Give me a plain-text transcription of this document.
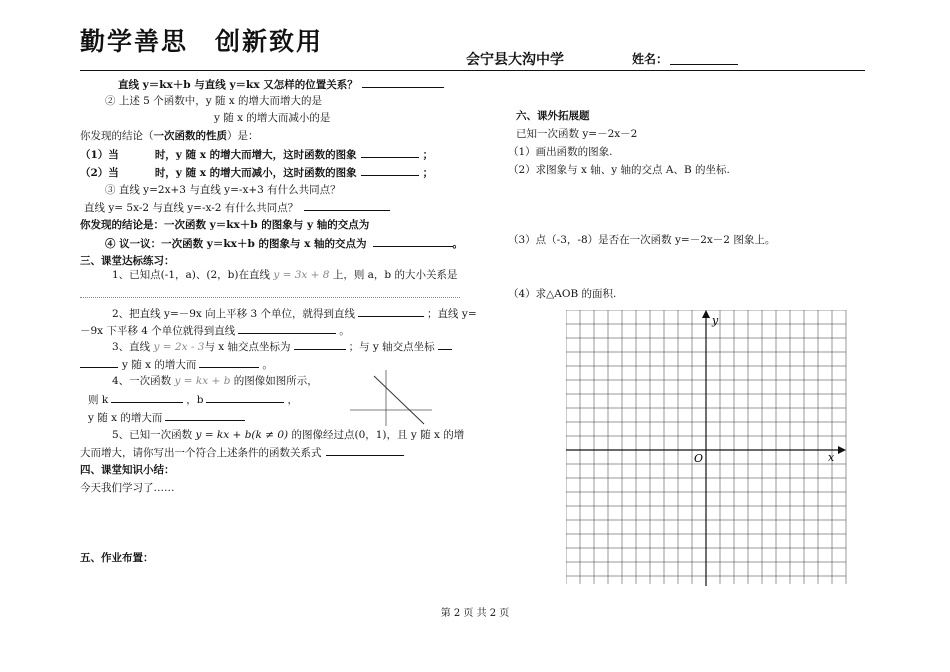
勤学善思　创新致用
会宁县大沟中学	姓名：
直线 y＝kx＋b 与直线 y＝kx 又怎样的位置关系？
② 上述 5 个函数中，y 随 x 的增大而增大的是
y 随 x 的增大而减小的是
你发现的结论（一次函数的性质）是：
（1）当	时，y 随 x 的增大而增大，这时函数的图象	；
（2）当	时，y 随 x 的增大而减小，这时函数的图象	；
③ 直线 y=2x+3 与直线 y=-x+3 有什么共同点？
直线 y= 5x-2 与直线 y=-x-2 有什么共同点？
你发现的结论是：一次函数 y＝kx＋b 的图象与 y 轴的交点为
④ 议一议：一次函数 y＝kx＋b 的图象与 x 轴的交点为	。
三、课堂达标练习：
1、已知点(-1，a)、(2，b)在直线 y = 3x + 8 上，则 a，b 的大小关系是
2、把直线 y=－9x 向上平移 3 个单位，就得到直线	；直线 y=
－9x 下平移 4 个单位就得到直线	。
3、直线 y = 2x - 3与 x 轴交点坐标为	；与 y 轴交点坐标
y 随 x 的增大而	。
4、一次函数 y = kx + b 的图像如图所示，
则 k	，b	，
y 随 x 的增大而
5、已知一次函数 y = kx + b(k ≠ 0) 的图像经过点(0，1)，且 y 随 x 的增
大而增大，请你写出一个符合上述条件的函数关系式
四、课堂知识小结：
今天我们学习了……
五、作业布置：
六、课外拓展题
已知一次函数 y=－2x－2
（1）画出函数的图象.
（2）求图象与 x 轴、y 轴的交点 A、B 的坐标.
（3）点（-3，-8）是否在一次函数 y=－2x－2 图象上。
（4）求△AOB 的面积.
y
x
O
第 2 页 共 2 页
